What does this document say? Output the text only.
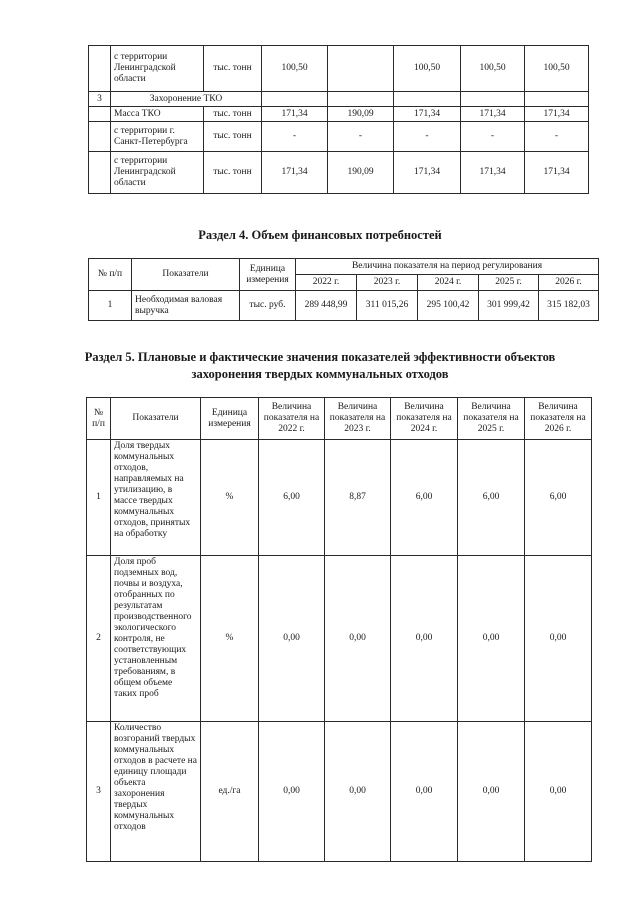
	с территории Ленинградской области	тыс. тонн	100,50		100,50	100,50	100,50
3	Захоронение ТКО						
	Масса ТКО	тыс. тонн	171,34	190,09	171,34	171,34	171,34
	с территории г. Санкт-Петербурга	тыс. тонн	-	-	-	-	-
	с территории Ленинградской области	тыс. тонн	171,34	190,09	171,34	171,34	171,34
Раздел 4. Объем финансовых потребностей
№ п/п	Показатели	Единица измерения	Величина показателя на период регулирования				
			2022 г.	2023 г.	2024 г.	2025 г.	2026 г.
1	Необходимая валовая выручка	тыс. руб.	289 448,99	311 015,26	295 100,42	301 999,42	315 182,03
Раздел 5. Плановые и фактические значения показателей эффективности объектов
захоронения твердых коммунальных отходов
№ п/п	Показатели	Единица измерения	Величина показателя на 2022 г.	Величина показателя на 2023 г.	Величина показателя на 2024 г.	Величина показателя на 2025 г.	Величина показателя на 2026 г.
1	Доля твердых коммунальных отходов, направляемых на утилизацию, в массе твердых коммунальных отходов, принятых на обработку	%	6,00	8,87	6,00	6,00	6,00
2	Доля проб подземных вод, почвы и воздуха, отобранных по результатам производственного экологического контроля, не соответствующих установленным требованиям, в общем объеме таких проб	%	0,00	0,00	0,00	0,00	0,00
3	Количество возгораний твердых коммунальных отходов в расчете на единицу площади объекта захоронения твердых коммунальных отходов	ед./га	0,00	0,00	0,00	0,00	0,00
